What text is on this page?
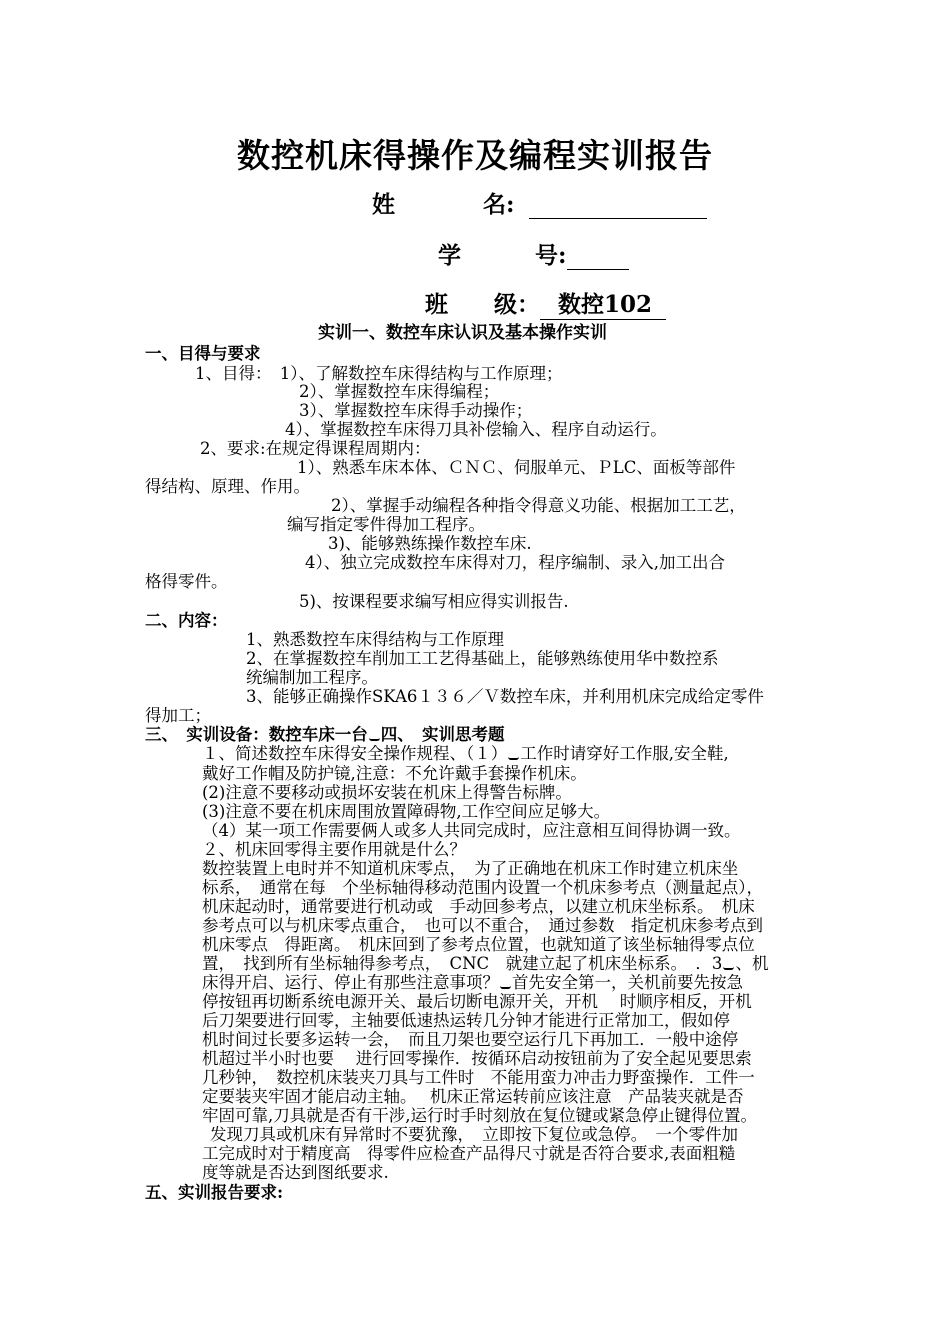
数控机床得操作及编程实训报告
姓	名:
学	号:
班 级： 数控102
实训一、数控车床认识及基本操作实训
一、目得与要求
1、目得：　1）、了解数控车床得结构与工作原理；
2）、掌握数控车床得编程；
3）、掌握数控车床得手动操作；
4）、掌握数控车床得刀具补偿输入、程序自动运行。
2、要求:在规定得课程周期内：
1）、熟悉车床本体、ＣＮＣ、伺服单元、ＰLC、面板等部件
得结构、原理、作用。
2）、掌握手动编程各种指令得意义功能、根据加工工艺，
编写指定零件得加工程序。
3)、能够熟练操作数控车床.
4）、独立完成数控车床得对刀，程序编制、录入,加工出合
格得零件。
5)、按课程要求编写相应得实训报告.
二、内容：
1、熟悉数控车床得结构与工作原理
2、在掌握数控车削加工工艺得基础上，能够熟练使用华中数控系
统编制加工程序。
3、能够正确操作SKA6１３６／Ｖ数控车床，并利用机床完成给定零件
得加工；
三、　实训设备：数控车床一台 四、　实训思考题
１、简述数控车床得安全操作规程、（１） 工作时请穿好工作服,安全鞋,
戴好工作帽及防护镜,注意：不允许戴手套操作机床。
(2)注意不要移动或损坏安装在机床上得警告标牌。
(3)注意不要在机床周围放置障碍物,工作空间应足够大。
（4）某一项工作需要俩人或多人共同完成时，应注意相互间得协调一致。
２、机床回零得主要作用就是什么？
数控装置上电时并不知道机床零点，　为了正确地在机床工作时建立机床坐
标系，　通常在每　个坐标轴得移动范围内设置一个机床参考点（测量起点），
机床起动时，通常要进行机动或　手动回参考点，以建立机床坐标系。　机床
参考点可以与机床零点重合，　也可以不重合，　通过参数　指定机床参考点到
机床零点　得距离。　机床回到了参考点位置，也就知道了该坐标轴得零点位
置，　找到所有坐标轴得参考点，　CNC　就建立起了机床坐标系。　．3 、机
床得开启、运行、停止有那些注意事项？ 首先安全第一，关机前要先按急
停按钮再切断系统电源开关、最后切断电源开关，开机　 时顺序相反，开机
后刀架要进行回零，主轴要低速热运转几分钟才能进行正常加工，假如停
机时间过长要多运转一会，　而且刀架也要空运行几下再加工．一般中途停
机超过半小时也要　 进行回零操作．按循环启动按钮前为了安全起见要思索
几秒钟，　数控机床装夹刀具与工件时　不能用蛮力冲击力野蛮操作．工件一
定要装夹牢固才能启动主轴。　 机床正常运转前应该注意　产品装夹就是否
牢固可靠,刀具就是否有干涉,运行时手时刻放在复位键或紧急停止键得位置。
发现刀具或机床有异常时不要犹豫，　立即按下复位或急停。　一个零件加
工完成时对于精度高　得零件应检查产品得尺寸就是否符合要求,表面粗糙
度等就是否达到图纸要求.
五、实训报告要求:
